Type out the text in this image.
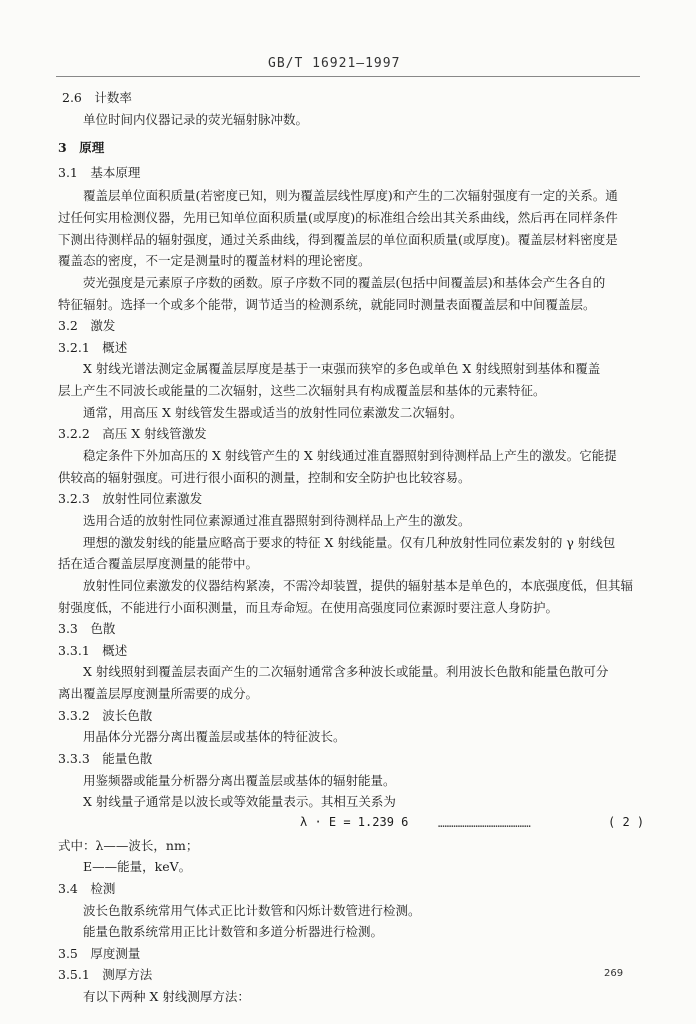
GB/T 16921—1997
2.6　计数率
单位时间内仪器记录的荧光辐射脉冲数。
3　原理
3.1　基本原理
覆盖层单位面积质量(若密度已知，则为覆盖层线性厚度)和产生的二次辐射强度有一定的关系。通
过任何实用检测仪器，先用已知单位面积质量(或厚度)的标准组合绘出其关系曲线，然后再在同样条件
下测出待测样品的辐射强度，通过关系曲线，得到覆盖层的单位面积质量(或厚度)。覆盖层材料密度是
覆盖态的密度，不一定是测量时的覆盖材料的理论密度。
荧光强度是元素原子序数的函数。原子序数不同的覆盖层(包括中间覆盖层)和基体会产生各自的
特征辐射。选择一个或多个能带，调节适当的检测系统，就能同时测量表面覆盖层和中间覆盖层。
3.2　激发
3.2.1　概述
X 射线光谱法测定金属覆盖层厚度是基于一束强而狭窄的多色或单色 X 射线照射到基体和覆盖
层上产生不同波长或能量的二次辐射，这些二次辐射具有构成覆盖层和基体的元素特征。
通常，用高压 X 射线管发生器或适当的放射性同位素激发二次辐射。
3.2.2　高压 X 射线管激发
稳定条件下外加高压的 X 射线管产生的 X 射线通过准直器照射到待测样品上产生的激发。它能提
供较高的辐射强度。可进行很小面积的测量，控制和安全防护也比较容易。
3.2.3　放射性同位素激发
选用合适的放射性同位素源通过准直器照射到待测样品上产生的激发。
理想的激发射线的能量应略高于要求的特征 X 射线能量。仅有几种放射性同位素发射的 γ 射线包
括在适合覆盖层厚度测量的能带中。
放射性同位素激发的仪器结构紧凑，不需冷却装置，提供的辐射基本是单色的，本底强度低，但其辐
射强度低，不能进行小面积测量，而且寿命短。在使用高强度同位素源时要注意人身防护。
3.3　色散
3.3.1　概述
X 射线照射到覆盖层表面产生的二次辐射通常含多种波长或能量。利用波长色散和能量色散可分
离出覆盖层厚度测量所需要的成分。
3.3.2　波长色散
用晶体分光器分离出覆盖层或基体的特征波长。
3.3.3　能量色散
用鉴频器或能量分析器分离出覆盖层或基体的辐射能量。
X 射线量子通常是以波长或等效能量表示。其相互关系为
λ · E = 1.239 6	……………………………………	( 2 )
式中：λ——波长，nm；
E——能量，keV。
3.4　检测
波长色散系统常用气体式正比计数管和闪烁计数管进行检测。
能量色散系统常用正比计数管和多道分析器进行检测。
3.5　厚度测量
3.5.1　测厚方法
有以下两种 X 射线测厚方法：
269
